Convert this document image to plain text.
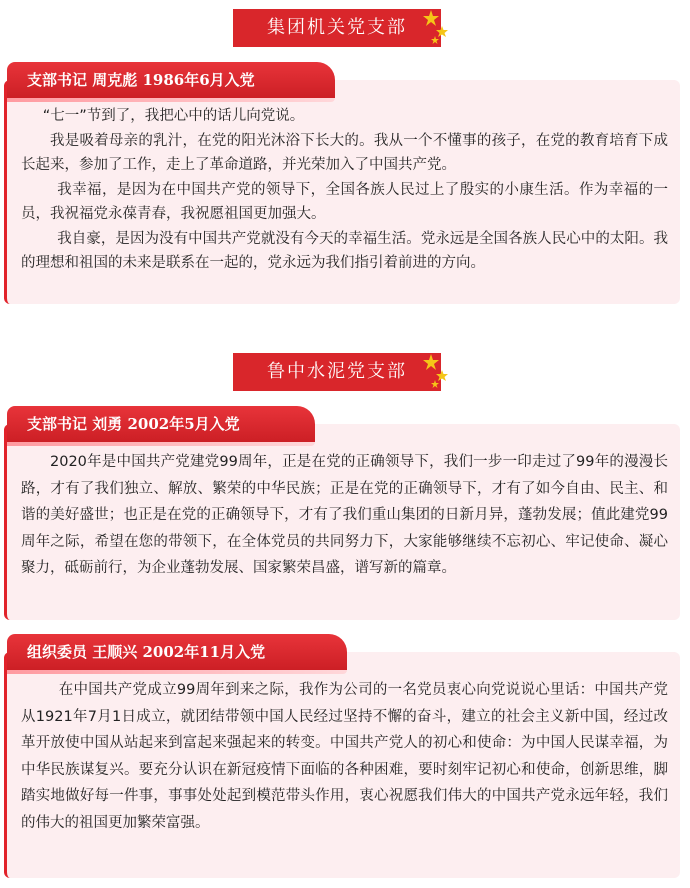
集团机关党支部
支部书记 周克彪 1986年6月入党

“七一”节到了，我把心中的话儿向党说。

我是吸着母亲的乳汁，在党的阳光沐浴下长大的。我从一个不懂事的孩子，在党的教育培育下成长起来，参加了工作，走上了革命道路，并光荣加入了中国共产党。

我幸福，是因为在中国共产党的领导下，全国各族人民过上了殷实的小康生活。作为幸福的一员，我祝福党永葆青春，我祝愿祖国更加强大。

我自豪，是因为没有中国共产党就没有今天的幸福生活。党永远是全国各族人民心中的太阳。我的理想和祖国的未来是联系在一起的，党永远为我们指引着前进的方向。

鲁中水泥党支部
支部书记 刘勇 2002年5月入党

2020年是中国共产党建党99周年，正是在党的正确领导下，我们一步一印走过了99年的漫漫长路，才有了我们独立、解放、繁荣的中华民族；正是在党的正确领导下，才有了如今自由、民主、和谐的美好盛世；也正是在党的正确领导下，才有了我们重山集团的日新月异，蓬勃发展；值此建党99周年之际，希望在您的带领下，在全体党员的共同努力下，大家能够继续不忘初心、牢记使命、凝心聚力，砥砺前行，为企业蓬勃发展、国家繁荣昌盛，谱写新的篇章。

组织委员 王顺兴 2002年11月入党

在中国共产党成立99周年到来之际，我作为公司的一名党员衷心向党说说心里话：中国共产党从1921年7月1日成立，就团结带领中国人民经过坚持不懈的奋斗，建立的社会主义新中国，经过改革开放使中国从站起来到富起来强起来的转变。中国共产党人的初心和使命：为中国人民谋幸福，为中华民族谋复兴。要充分认识在新冠疫情下面临的各种困难，要时刻牢记初心和使命，创新思维，脚踏实地做好每一件事，事事处处起到模范带头作用，衷心祝愿我们伟大的中国共产党永远年轻，我们的伟大的祖国更加繁荣富强。
